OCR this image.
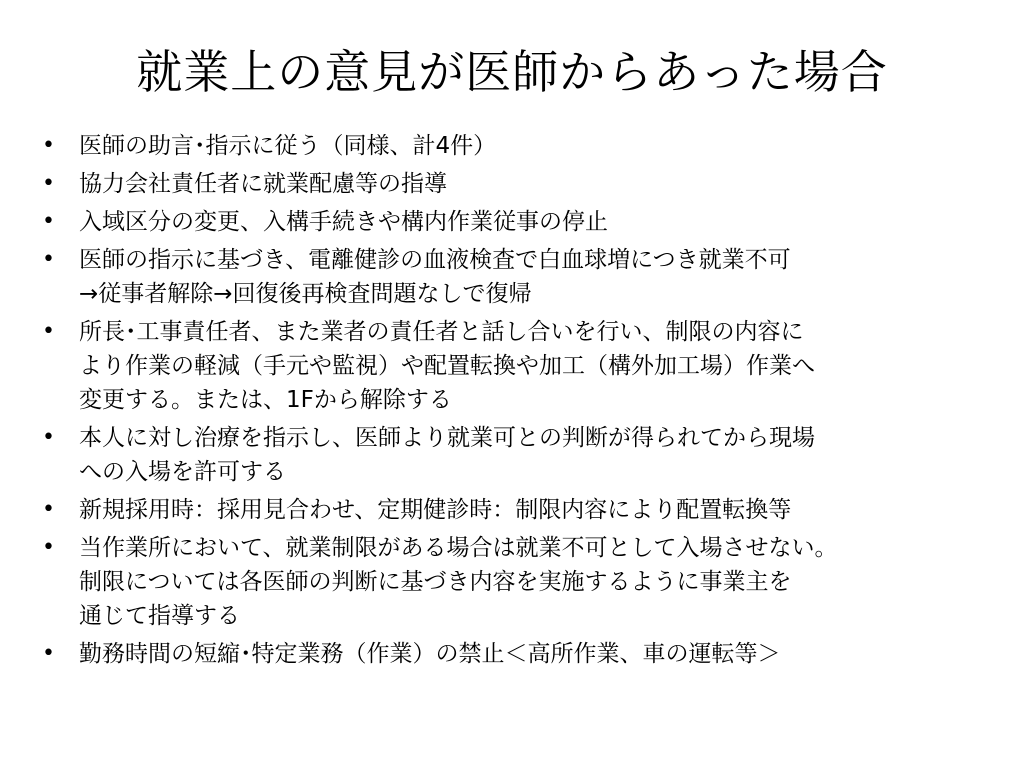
就業上の意見が医師からあった場合
• 医師の助言･指示に従う（同様、計4件）
• 協力会社責任者に就業配慮等の指導
• 入域区分の変更、入構手続きや構内作業従事の停止
• 医師の指示に基づき、電離健診の血液検査で白血球増につき就業不可
→従事者解除→回復後再検査問題なしで復帰
• 所長･工事責任者、また業者の責任者と話し合いを行い、制限の内容に
より作業の軽減（手元や監視）や配置転換や加工（構外加工場）作業へ
変更する。または、1Fから解除する
• 本人に対し治療を指示し、医師より就業可との判断が得られてから現場
への入場を許可する
• 新規採用時：採用見合わせ、定期健診時：制限内容により配置転換等
• 当作業所において、就業制限がある場合は就業不可として入場させない。
制限については各医師の判断に基づき内容を実施するように事業主を
通じて指導する
• 勤務時間の短縮･特定業務（作業）の禁止＜高所作業、車の運転等＞
